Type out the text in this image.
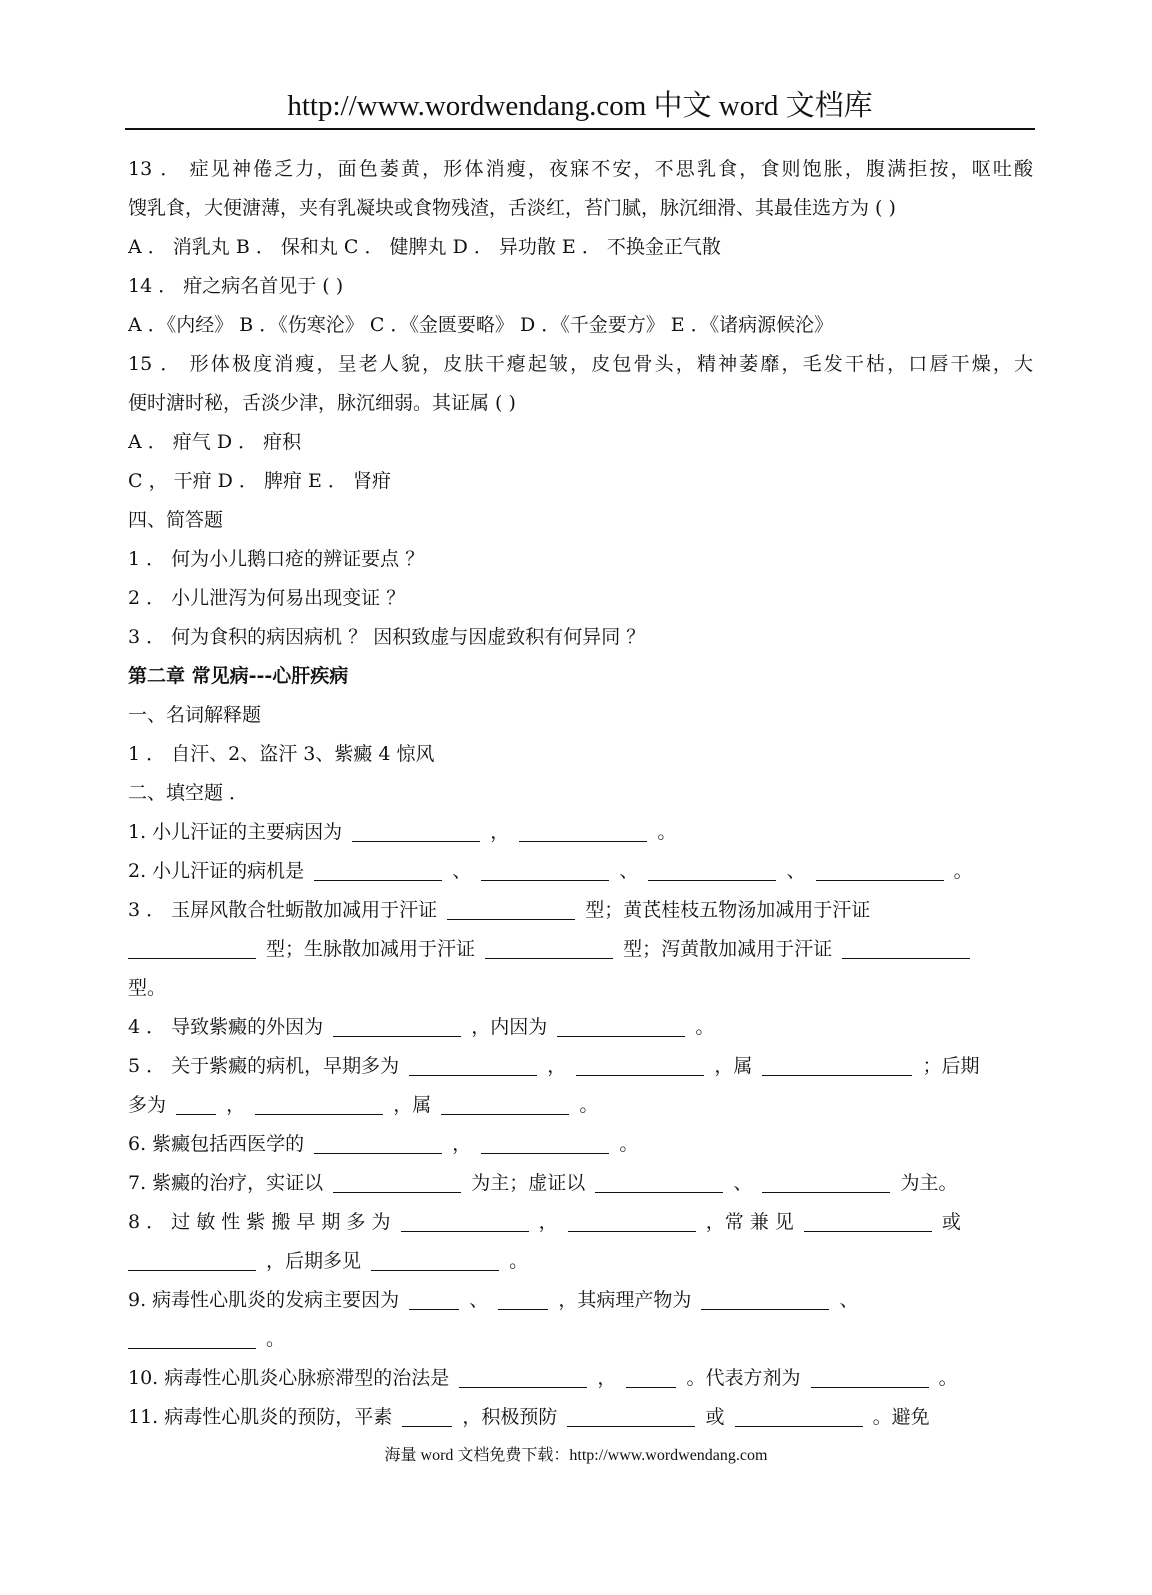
http://www.wordwendang.com 中文 word 文档库
13 ． 症见神倦乏力，面色萎黄，形体消瘦，夜寐不安，不思乳食，食则饱胀，腹满拒按，呕吐酸
馊乳食，大便溏薄，夹有乳凝块或食物残渣，舌淡红，苔门腻，脉沉细滑、其最佳选方为 ( )
A ． 消乳丸 B ． 保和丸 C ． 健脾丸 D ． 异功散 E ． 不换金正气散
14 ． 疳之病名首见于 ( )
A ．《内经》 B ．《伤寒沦》 C ．《金匮要略》 D ．《千金要方》 E ．《诸病源候沦》
15 ． 形体极度消瘦，呈老人貌，皮肤干瘪起皱，皮包骨头，精神萎靡，毛发干枯，口唇干燥，大
便时溏时秘，舌淡少津，脉沉细弱。其证属 ( )
A ． 疳气 D ． 疳积
C ， 干疳 D ． 脾疳 E ． 肾疳
四、简答题
1 ． 何为小儿鹅口疮的辨证要点 ？
2 ． 小儿泄泻为何易出现变证 ？
3 ． 何为食积的病因病机 ？ 因积致虚与因虚致积有何异同 ？
第二章 常见病---心肝疾病
一、名词解释题
1 ． 自汗、2、盗汗 3、紫癜 4 惊风
二、填空题 ．
1. 小儿汗证的主要病因为	，	。
2. 小儿汗证的病机是	、	、	、	。
3 ． 玉屏风散合牡蛎散加减用于汗证	型；黄芪桂枝五物汤加减用于汗证
型；生脉散加减用于汗证	型；泻黄散加减用于汗证
型。
4 ． 导致紫癜的外因为	，内因为	。
5 ． 关于紫癜的病机，早期多为	，	，属	；后期
多为	，	，属	。
6. 紫癜包括西医学的	，	。
7. 紫癜的治疗，实证以	为主；虚证以	、	为主。
8 ． 过 敏 性 紫 搬 早 期 多 为	，	，常 兼 见	或
，后期多见	。
9. 病毒性心肌炎的发病主要因为	、	，其病理产物为	、
。
10. 病毒性心肌炎心脉瘀滞型的治法是	，	。代表方剂为	。
11. 病毒性心肌炎的预防，平素	，积极预防	或	。避免
海量 word 文档免费下载：http://www.wordwendang.com
